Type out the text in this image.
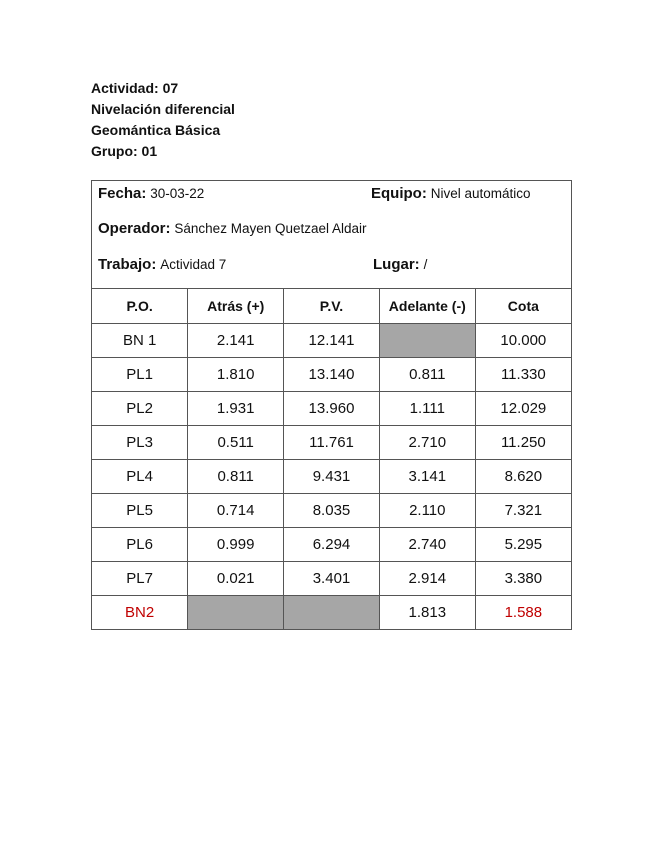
Actividad: 07
Nivelación diferencial
Geomántica Básica
Grupo: 01
Fecha: 30-03-22	Equipo: Nivel automático
Operador: Sánchez Mayen Quetzael Aldair
Trabajo: Actividad 7	Lugar: /
P.O.	Atrás (+)	P.V.	Adelante (-)	Cota
BN 1	2.141	12.141		10.000
PL1	1.810	13.140	0.811	11.330
PL2	1.931	13.960	1.111	12.029
PL3	0.511	11.761	2.710	11.250
PL4	0.811	9.431	3.141	8.620
PL5	0.714	8.035	2.110	7.321
PL6	0.999	6.294	2.740	5.295
PL7	0.021	3.401	2.914	3.380
BN2			1.813	1.588
